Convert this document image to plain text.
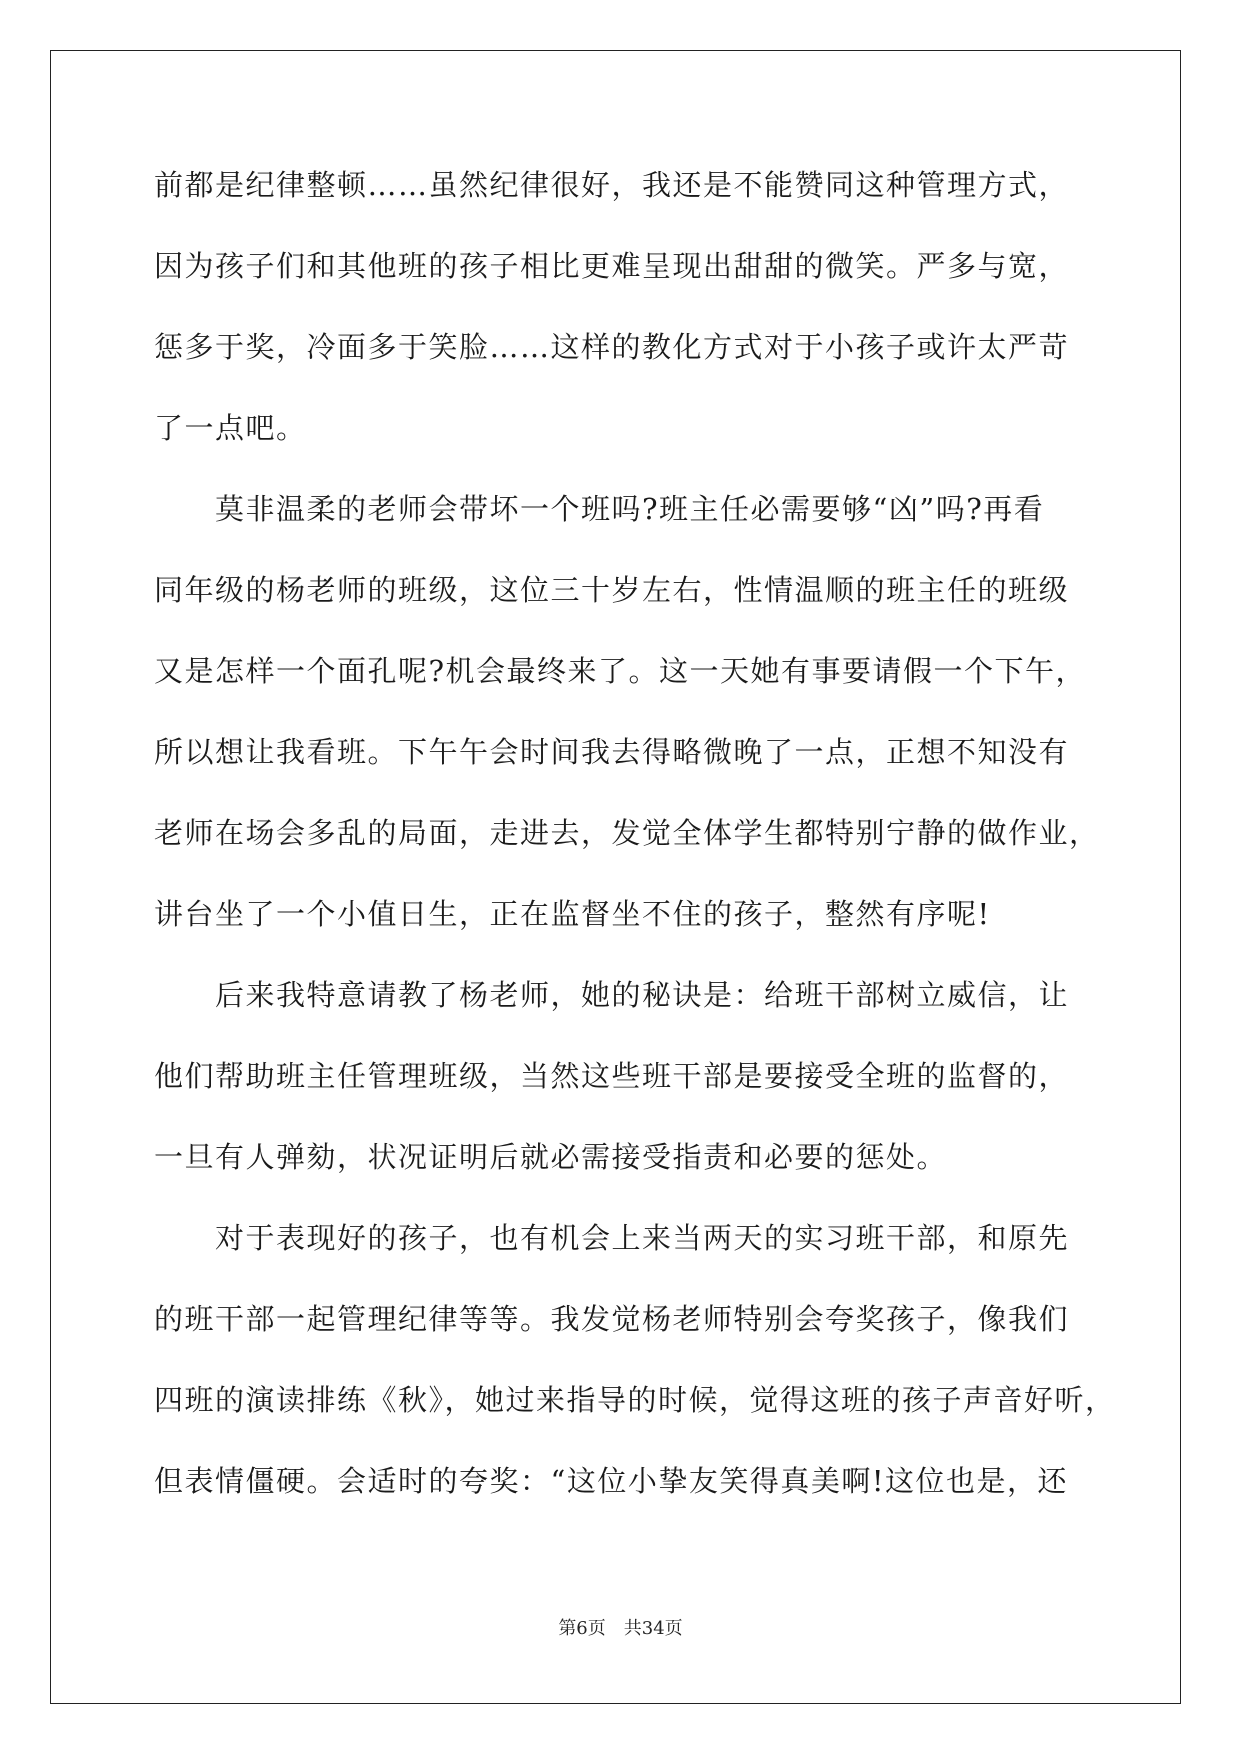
前都是纪律整顿……虽然纪律很好，我还是不能赞同这种管理方式，
因为孩子们和其他班的孩子相比更难呈现出甜甜的微笑。严多与宽，
惩多于奖，冷面多于笑脸……这样的教化方式对于小孩子或许太严苛
了一点吧。
　　莫非温柔的老师会带坏一个班吗?班主任必需要够“凶”吗?再看
同年级的杨老师的班级，这位三十岁左右，性情温顺的班主任的班级
又是怎样一个面孔呢?机会最终来了。这一天她有事要请假一个下午，
所以想让我看班。下午午会时间我去得略微晚了一点，正想不知没有
老师在场会多乱的局面，走进去，发觉全体学生都特别宁静的做作业，
讲台坐了一个小值日生，正在监督坐不住的孩子，整然有序呢!
　　后来我特意请教了杨老师，她的秘诀是：给班干部树立威信，让
他们帮助班主任管理班级，当然这些班干部是要接受全班的监督的，
一旦有人弹劾，状况证明后就必需接受指责和必要的惩处。
　　对于表现好的孩子，也有机会上来当两天的实习班干部，和原先
的班干部一起管理纪律等等。我发觉杨老师特别会夸奖孩子，像我们
四班的演读排练《秋》，她过来指导的时候，觉得这班的孩子声音好听，
但表情僵硬。会适时的夸奖：“这位小挚友笑得真美啊!这位也是，还
第6页 共34页
